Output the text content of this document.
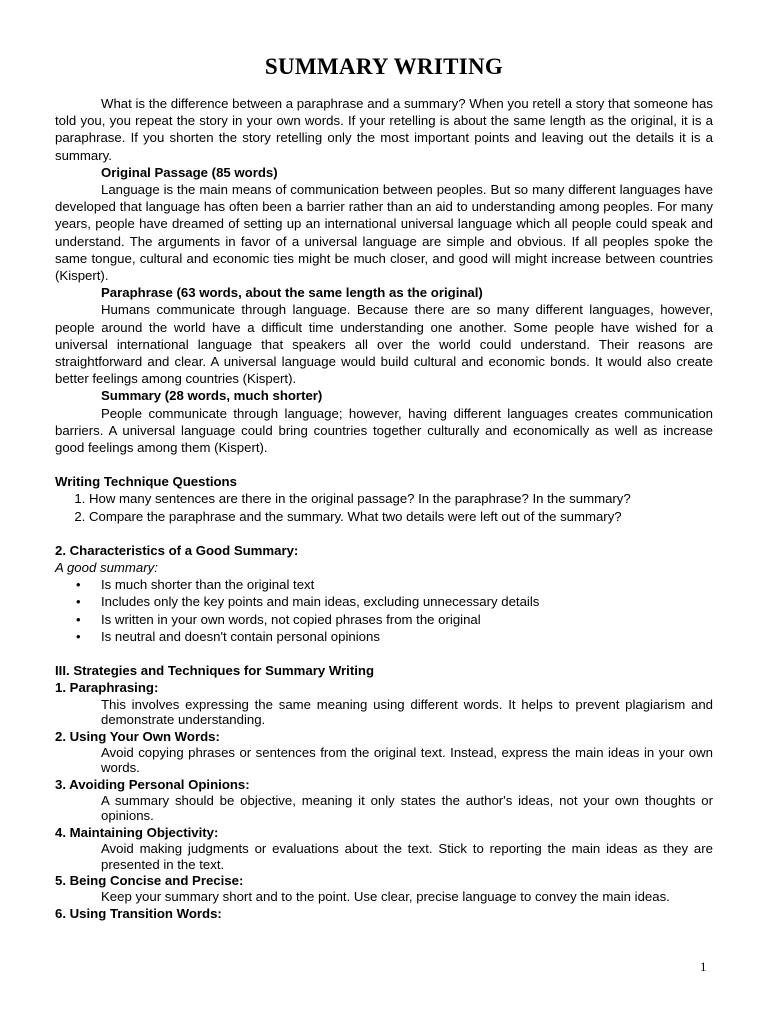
SUMMARY WRITING

What is the difference between a paraphrase and a summary? When you retell a story that someone has told you, you repeat the story in your own words. If your retelling is about the same length as the original, it is a paraphrase. If you shorten the story retelling only the most important points and leaving out the details it is a summary.

Original Passage (85 words)

Language is the main means of communication between peoples. But so many different languages have developed that language has often been a barrier rather than an aid to understanding among peoples. For many years, people have dreamed of setting up an international universal language which all people could speak and understand. The arguments in favor of a universal language are simple and obvious. If all peoples spoke the same tongue, cultural and economic ties might be much closer, and good will might increase between countries (Kispert).

Paraphrase (63 words, about the same length as the original)

Humans communicate through language. Because there are so many different languages, however, people around the world have a difficult time understanding one another. Some people have wished for a universal international language that speakers all over the world could understand. Their reasons are straightforward and clear. A universal language would build cultural and economic bonds. It would also create better feelings among countries (Kispert).

Summary (28 words, much shorter)

People communicate through language; however, having different languages creates communication barriers. A universal language could bring countries together culturally and economically as well as increase good feelings among them (Kispert).

Writing Technique Questions

1. How many sentences are there in the original passage? In the paraphrase? In the summary?
2. Compare the paraphrase and the summary. What two details were left out of the summary?

2. Characteristics of a Good Summary:

A good summary:

• Is much shorter than the original text
• Includes only the key points and main ideas, excluding unnecessary details
• Is written in your own words, not copied phrases from the original
• Is neutral and doesn't contain personal opinions

III. Strategies and Techniques for Summary Writing

1. Paraphrasing:

This involves expressing the same meaning using different words. It helps to prevent plagiarism and demonstrate understanding.

2. Using Your Own Words:

Avoid copying phrases or sentences from the original text. Instead, express the main ideas in your own words.

3. Avoiding Personal Opinions:

A summary should be objective, meaning it only states the author's ideas, not your own thoughts or opinions.

4. Maintaining Objectivity:

Avoid making judgments or evaluations about the text. Stick to reporting the main ideas as they are presented in the text.

5. Being Concise and Precise:

Keep your summary short and to the point. Use clear, precise language to convey the main ideas.

6. Using Transition Words:

1
